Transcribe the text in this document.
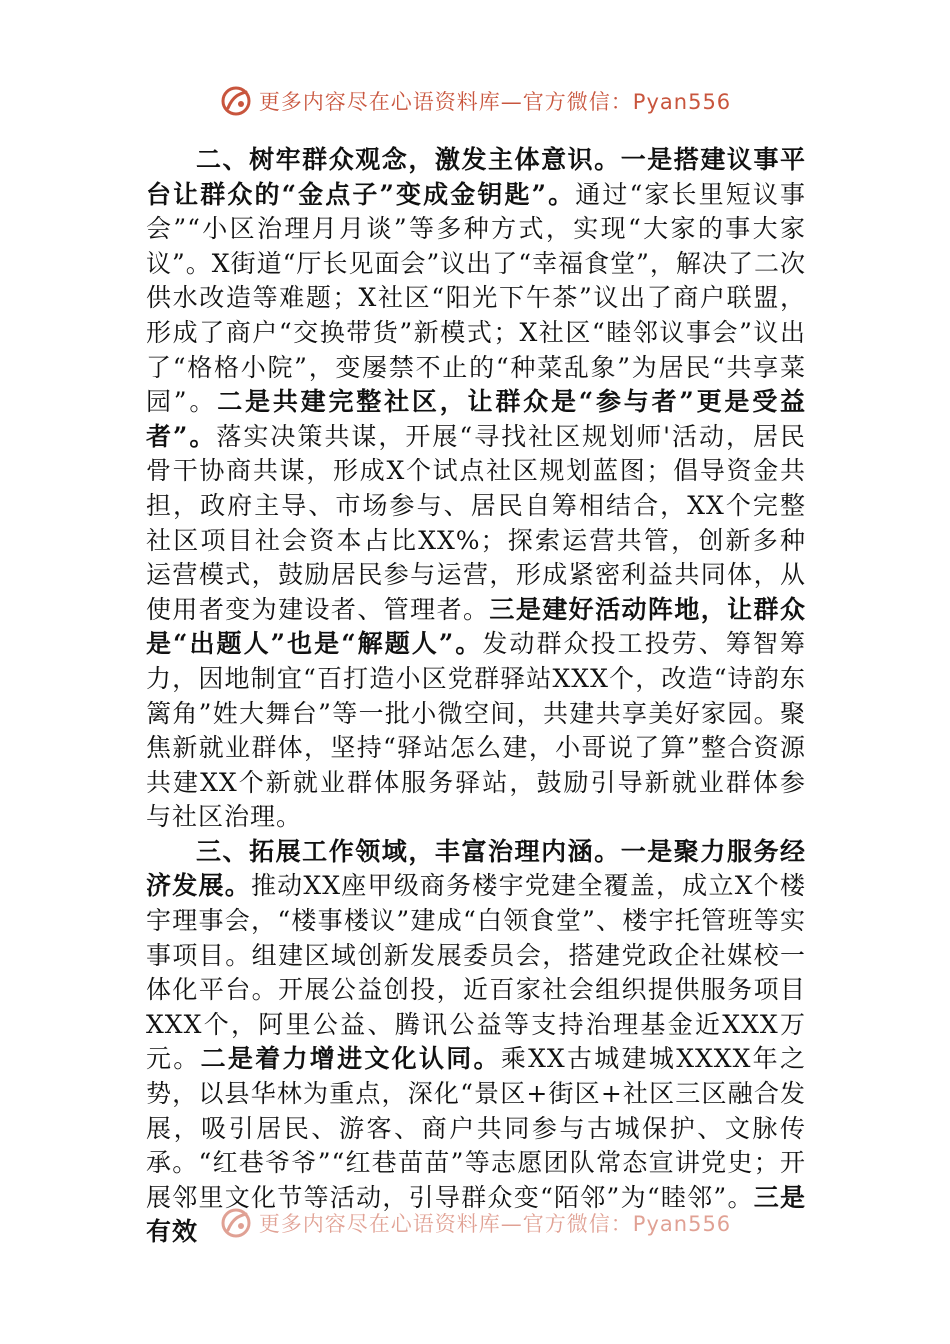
更多内容尽在心语资料库—官方微信：Pyan556

二、树牢群众观念，激发主体意识。一是搭建议事平台让群众的“金点子”变成金钥匙”。通过“家长里短议事会”“小区治理月月谈”等多种方式，实现“大家的事大家议”。X街道“厅长见面会”议出了“幸福食堂”，解决了二次供水改造等难题；X社区“阳光下午茶”议出了商户联盟，形成了商户“交换带货”新模式；X社区“睦邻议事会”议出了“格格小院”，变屡禁不止的“种菜乱象”为居民“共享菜园”。二是共建完整社区，让群众是“参与者”更是受益者”。落实决策共谋，开展“寻找社区规划师'活动，居民骨干协商共谋，形成X个试点社区规划蓝图；倡导资金共担，政府主导、市场参与、居民自筹相结合，XX个完整社区项目社会资本占比XX%；探索运营共管，创新多种运营模式，鼓励居民参与运营，形成紧密利益共同体，从使用者变为建设者、管理者。三是建好活动阵地，让群众是“出题人”也是“解题人”。发动群众投工投劳、筹智筹力，因地制宜“百打造小区党群驿站XXX个，改造“诗韵东篱角”姓大舞台”等一批小微空间，共建共享美好家园。聚焦新就业群体，坚持“驿站怎么建，小哥说了算”整合资源共建XX个新就业群体服务驿站，鼓励引导新就业群体参与社区治理。

三、拓展工作领域，丰富治理内涵。一是聚力服务经济发展。推动XX座甲级商务楼宇党建全覆盖，成立X个楼宇理事会，“楼事楼议”建成“白领食堂”、楼宇托管班等实事项目。组建区域创新发展委员会，搭建党政企社媒校一体化平台。开展公益创投，近百家社会组织提供服务项目XXX个，阿里公益、腾讯公益等支持治理基金近XXX万元。二是着力增进文化认同。乘XX古城建城XXXX年之势，以县华林为重点，深化“景区+街区+社区三区融合发展，吸引居民、游客、商户共同参与古城保护、文脉传承。“红巷爷爷”“红巷苗苗”等志愿团队常态宣讲党史；开展邻里文化节等活动，引导群众变“陌邻”为“睦邻”。三是有效	更多内容尽在心语资料库—官方微信：Pyan556
